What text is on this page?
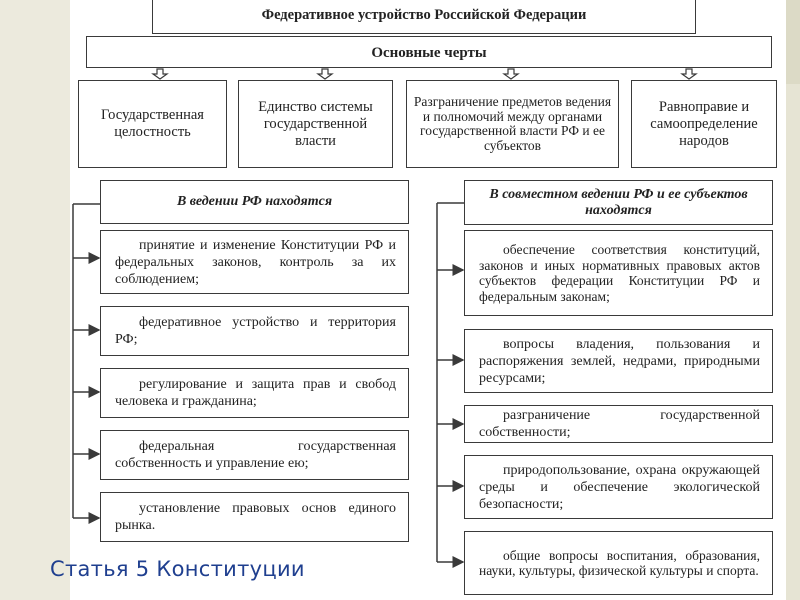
Федеративное устройство Российской Федерации
Основные черты
Государственная целостность
Единство системы государственной власти
Разграничение предметов ведения и полномочий между органами государственной власти РФ и ее субъектов
Равноправие и самоопределение народов
В ведении РФ находятся	В совместном ведении РФ и ее субъектов находятся
принятие и изменение Конституции РФ и федеральных законов, контроль за их соблюдением;
федеративное устройство и территория РФ;
регулирование и защита прав и свобод человека и гражданина;
федеральная государственная собственность и управление ею;
установление правовых основ единого рынка.
обеспечение соответствия конституций, законов и иных нормативных правовых актов субъектов федерации Конституции РФ и федеральным законам;
вопросы владения, пользования и распоряжения землей, недрами, природными ресурсами;
разграничение государственной собственности;
природопользование, охрана окружающей среды и обеспечение экологической безопасности;
общие вопросы воспитания, образования, науки, культуры, физической культуры и спорта.
Статья 5 Конституции
